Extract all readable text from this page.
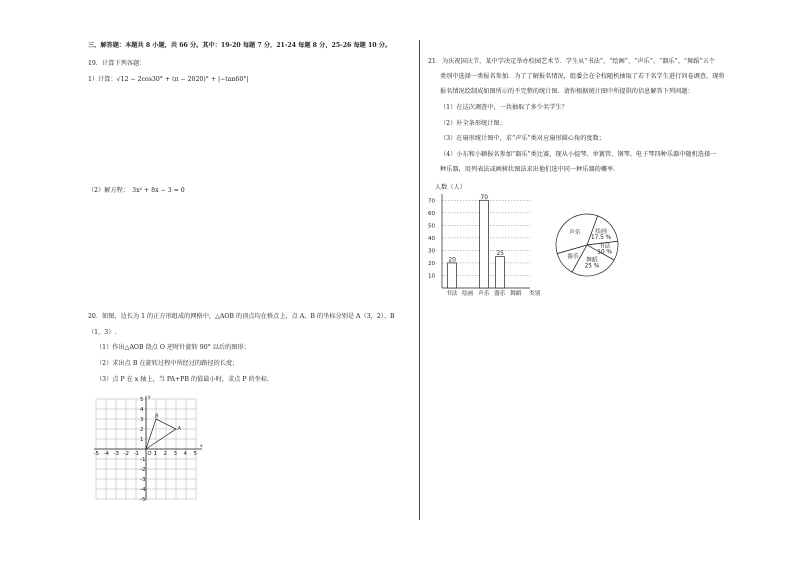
三、解答题：本题共 8 小题，共 66 分。其中：19-20 每题 7 分，21-24 每题 8 分，25-26 每题 10 分。
19．计算下列各题：
1）计算：√12 − 2cos30° + (π − 2020)° + |−tan60°|
（2）解方程：　3x² + 8x − 3 = 0
20．如图，边长为 1 的正方形组成的网格中，△AOB 的顶点均在格点上，点 A、B 的坐标分别是 A（3，2）、B
（1，3）.
（1）作出△AOB 绕点 O 逆时针旋转 90° 以后的图形；
（2）求出点 B 在旋转过程中所经过的路径的长度；
（3）点 P 在 x 轴上，当 PA+PB 的值最小时，求点 P 的坐标.
x
y
-5 -4 -3 -2 -1	1 2 3 4 5
5
4
3
2
1
-1
-2
-3
-4
-5
A
B
O
21．为庆祝国庆节，某中学决定举办校园艺术节．学生从“书法”、“绘画”、“声乐”、“器乐”、“舞蹈”五个
类别中选择一类报名参加．为了了解报名情况，组委会在全校随机抽取了若干名学生进行问卷调查，现将
报名情况绘制成如图所示的不完整的统计图．请你根据统计图中所提供的信息解答下列问题：
（1）在这次调查中，一共抽取了多少名学生？
（2）补全条形统计图；
（3）在扇形统计图中，求“声乐”类对应扇形圆心角的度数；
（4）小东和小颖报名参加“器乐”类比赛，现从小提琴、单簧管、钢琴、电子琴四种乐器中随机选择一
种乐器，用列表法或画树状图法求出他们选中同一种乐器的概率．
人数（人）
10
20
30
40
50
60
70
20
70
25
书法 绘画 声乐 器乐 舞蹈 类别
绘画
17.5 %
书法
10 %
舞蹈
25 %
器乐
声乐
